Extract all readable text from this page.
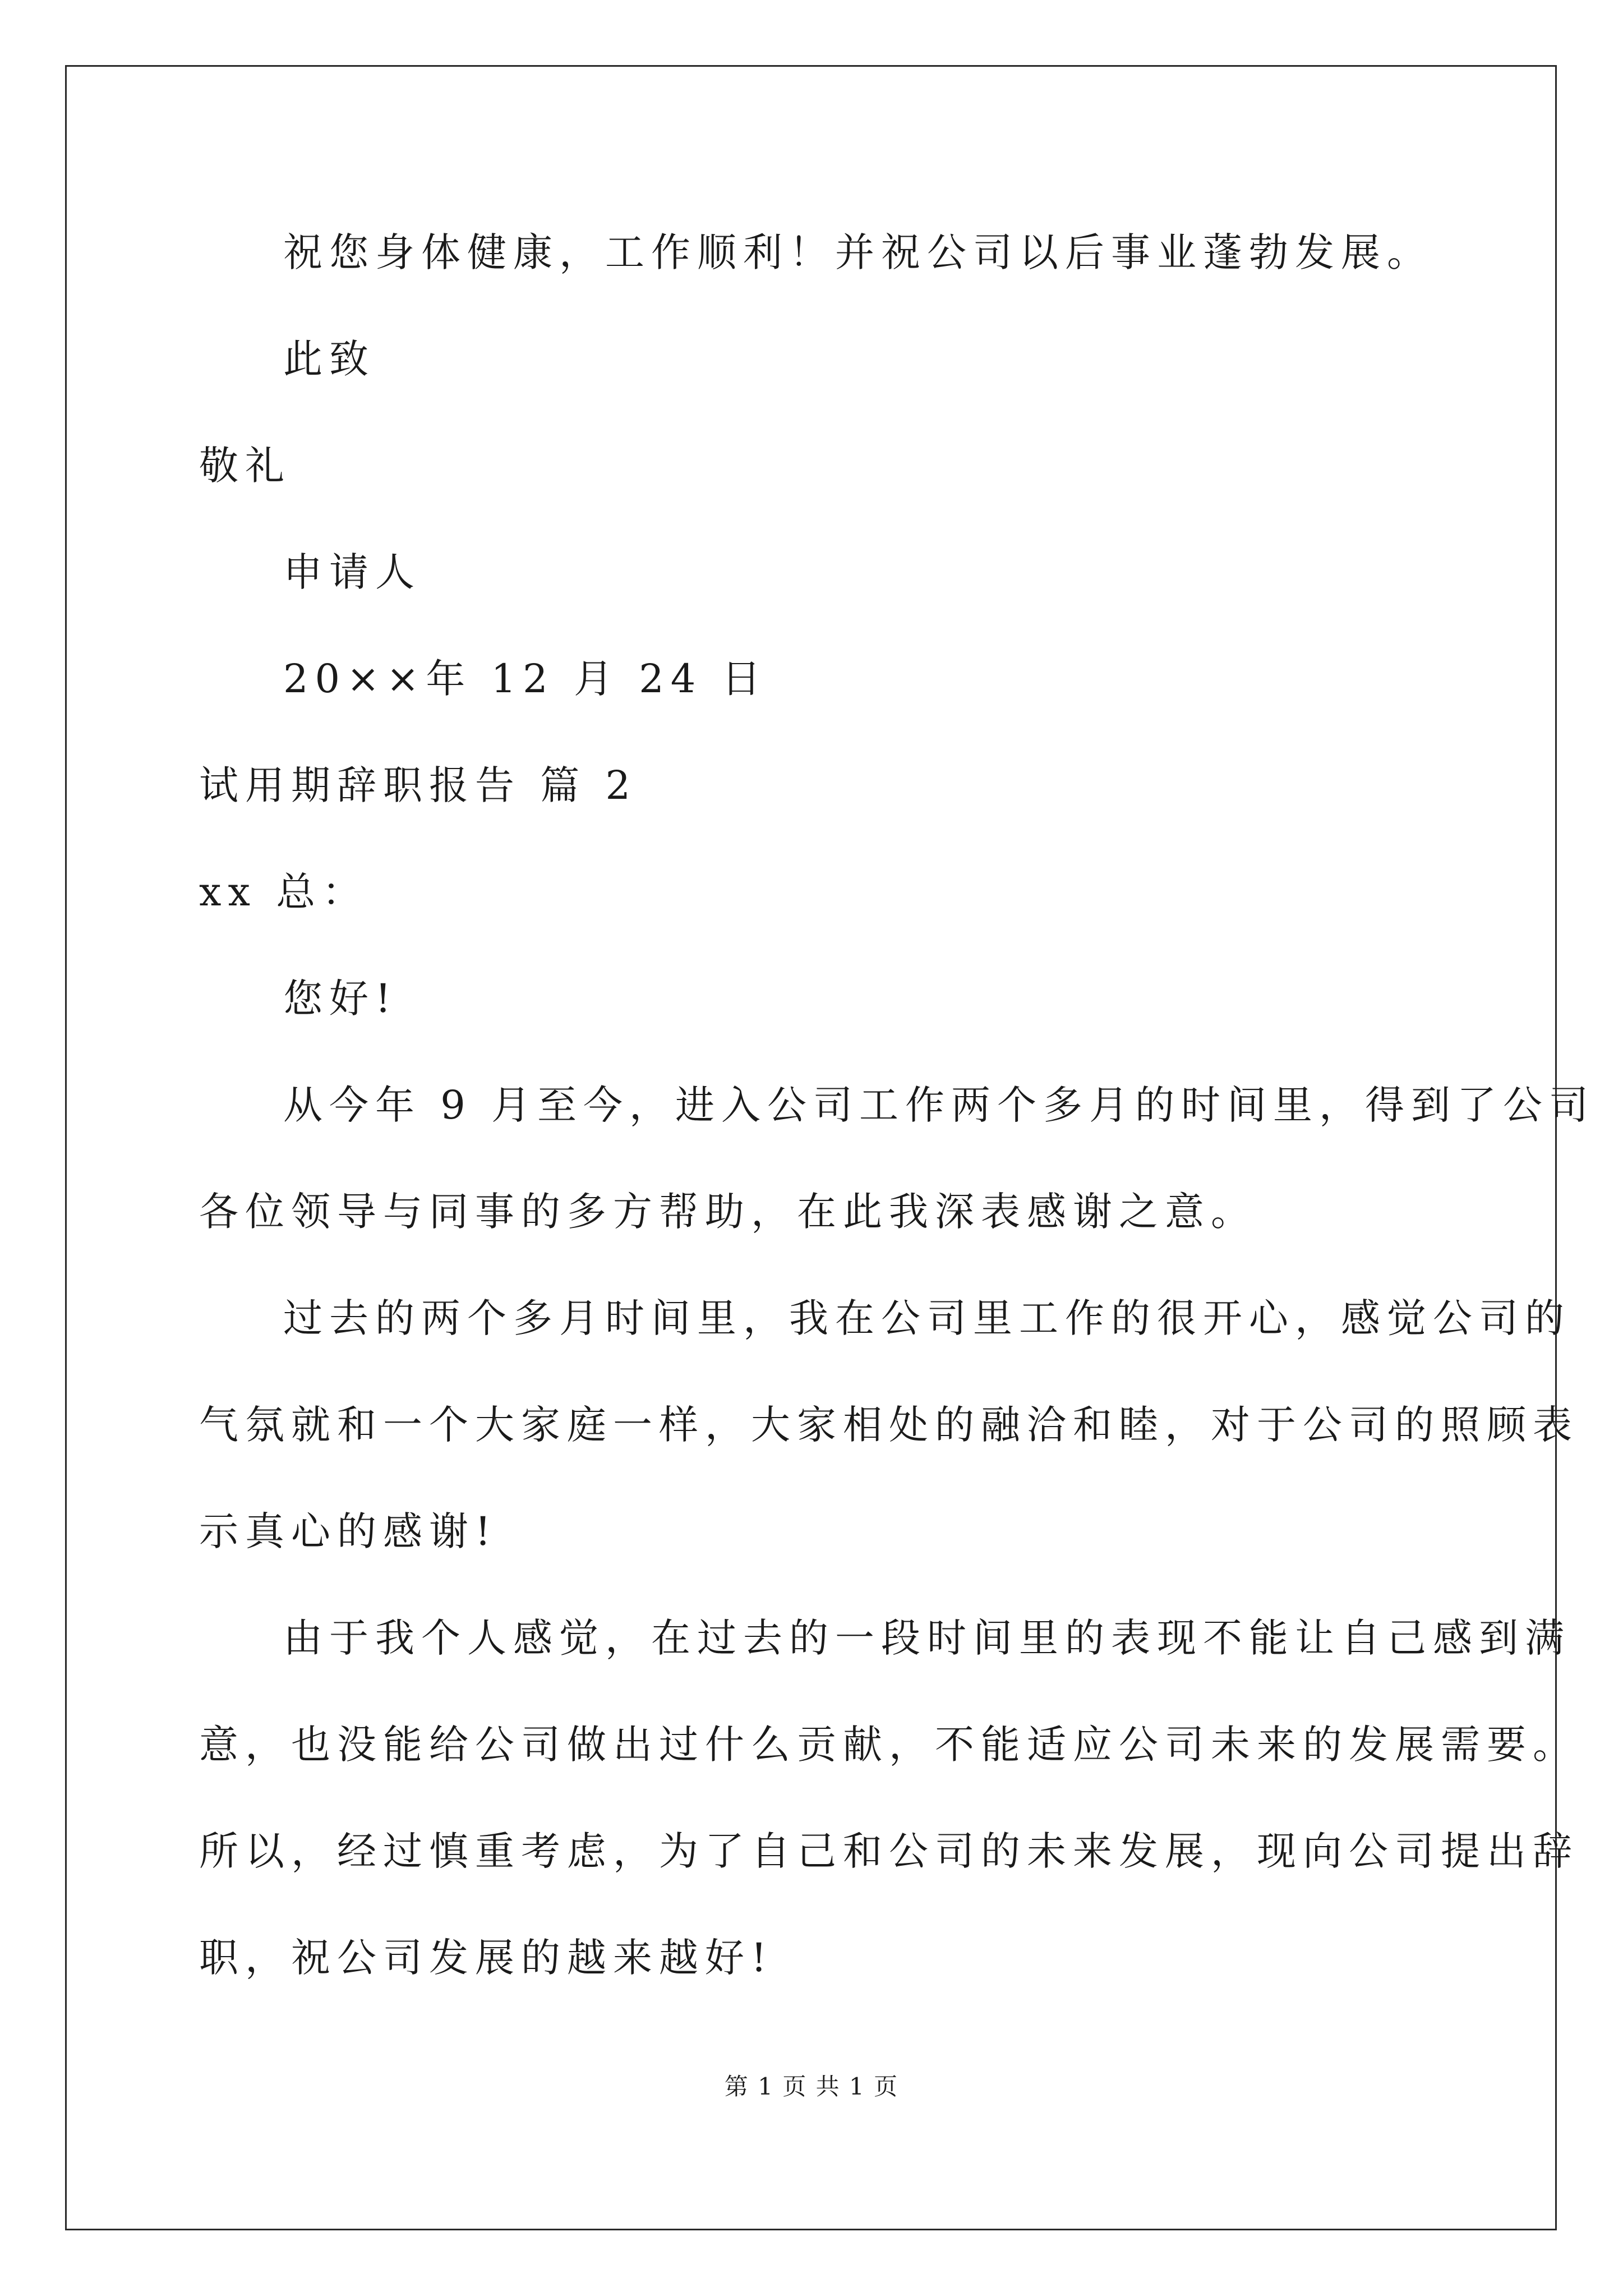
祝您身体健康，工作顺利！并祝公司以后事业蓬勃发展。
此致
敬礼
申请人
20××年 12 月 24 日
试用期辞职报告 篇 2
xx 总：
您好!
从今年 9 月至今，进入公司工作两个多月的时间里，得到了公司
各位领导与同事的多方帮助，在此我深表感谢之意。
过去的两个多月时间里，我在公司里工作的很开心，感觉公司的
气氛就和一个大家庭一样，大家相处的融洽和睦，对于公司的照顾表
示真心的感谢!
由于我个人感觉，在过去的一段时间里的表现不能让自己感到满
意，也没能给公司做出过什么贡献，不能适应公司未来的发展需要。
所以，经过慎重考虑，为了自己和公司的未来发展，现向公司提出辞
职，祝公司发展的越来越好!
第 1 页 共 1 页
